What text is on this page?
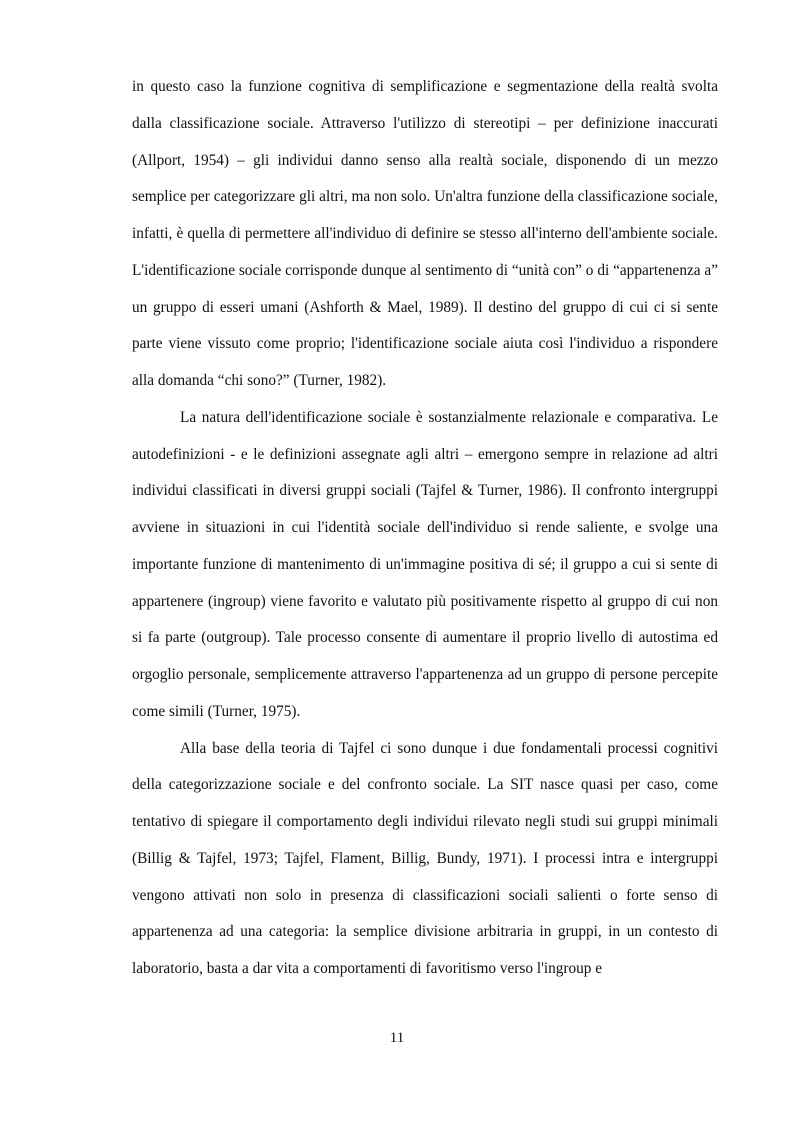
in questo caso la funzione cognitiva di semplificazione e segmentazione della realtà svolta dalla classificazione sociale. Attraverso l'utilizzo di stereotipi – per definizione inaccurati (Allport, 1954) – gli individui danno senso alla realtà sociale, disponendo di un mezzo semplice per categorizzare gli altri, ma non solo. Un'altra funzione della classificazione sociale, infatti, è quella di permettere all'individuo di definire se stesso all'interno dell'ambiente sociale. L'identificazione sociale corrisponde dunque al sentimento di “unità con” o di “appartenenza a” un gruppo di esseri umani (Ashforth & Mael, 1989). Il destino del gruppo di cui ci si sente parte viene vissuto come proprio; l'identificazione sociale aiuta così l'individuo a rispondere alla domanda “chi sono?” (Turner, 1982).

La natura dell'identificazione sociale è sostanzialmente relazionale e comparativa. Le autodefinizioni - e le definizioni assegnate agli altri – emergono sempre in relazione ad altri individui classificati in diversi gruppi sociali (Tajfel & Turner, 1986). Il confronto intergruppi avviene in situazioni in cui l'identità sociale dell'individuo si rende saliente, e svolge una importante funzione di mantenimento di un'immagine positiva di sé; il gruppo a cui si sente di appartenere (ingroup) viene favorito e valutato più positivamente rispetto al gruppo di cui non si fa parte (outgroup). Tale processo consente di aumentare il proprio livello di autostima ed orgoglio personale, semplicemente attraverso l'appartenenza ad un gruppo di persone percepite come simili (Turner, 1975).

Alla base della teoria di Tajfel ci sono dunque i due fondamentali processi cognitivi della categorizzazione sociale e del confronto sociale. La SIT nasce quasi per caso, come tentativo di spiegare il comportamento degli individui rilevato negli studi sui gruppi minimali (Billig & Tajfel, 1973; Tajfel, Flament, Billig, Bundy, 1971). I processi intra e intergruppi vengono attivati non solo in presenza di classificazioni sociali salienti o forte senso di appartenenza ad una categoria: la semplice divisione arbitraria in gruppi, in un contesto di laboratorio, basta a dar vita a comportamenti di favoritismo verso l'ingroup e

11
